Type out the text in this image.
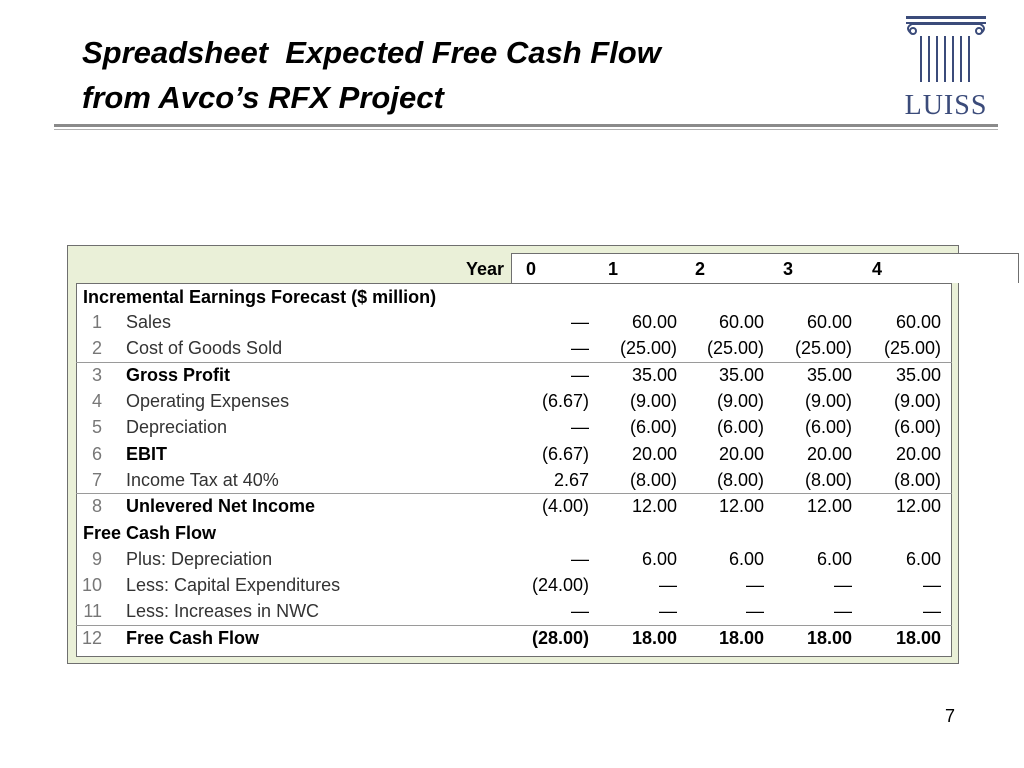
Spreadsheet  Expected Free Cash Flow
from Avco’s RFX Project	LUISS
Year	0	1	2	3	4
Incremental Earnings Forecast ($ million)
Free Cash Flow
1 Sales	—	60.00	60.00	60.00	60.00
2 Cost of Goods Sold	—	(25.00)	(25.00)	(25.00)	(25.00)
3 Gross Profit	—	35.00	35.00	35.00	35.00
4 Operating Expenses	(6.67)	(9.00)	(9.00)	(9.00)	(9.00)
5 Depreciation	—	(6.00)	(6.00)	(6.00)	(6.00)
6 EBIT	(6.67)	20.00	20.00	20.00	20.00
7 Income Tax at 40%	2.67	(8.00)	(8.00)	(8.00)	(8.00)
8 Unlevered Net Income	(4.00)	12.00	12.00	12.00	12.00
9 Plus: Depreciation	—	6.00	6.00	6.00	6.00
10 Less: Capital Expenditures	(24.00)	—	—	—	—
11 Less: Increases in NWC	—	—	—	—	—
12 Free Cash Flow	(28.00)	18.00	18.00	18.00	18.00
7
